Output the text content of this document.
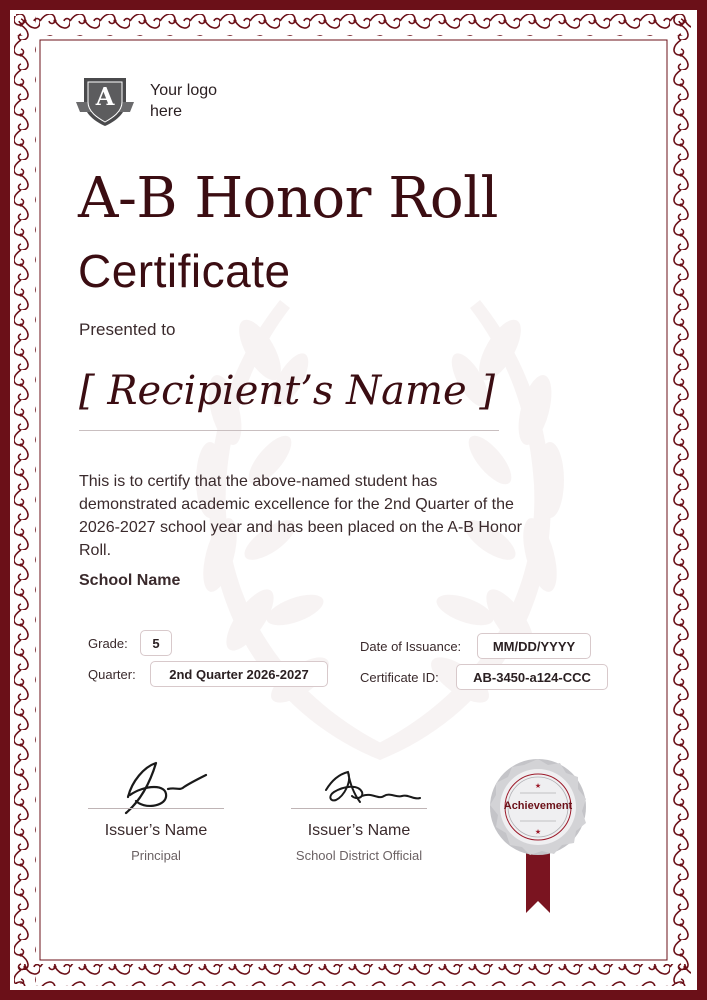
A Your logo here
A-B Honor Roll
Certificate
Presented to
[ Recipient’s Name ]
This is to certify that the above-named student has demonstrated academic excellence for the 2nd Quarter of the 2026-2027 school year and has been placed on the A-B Honor Roll.
School Name
Grade:	5
Quarter:	2nd Quarter 2026-2027
Date of Issuance:	MM/DD/YYYY
Certificate ID:	AB-3450-a124-CCC
Issuer’s Name
Principal
Issuer’s Name
School District Official
★
★
Achievement
